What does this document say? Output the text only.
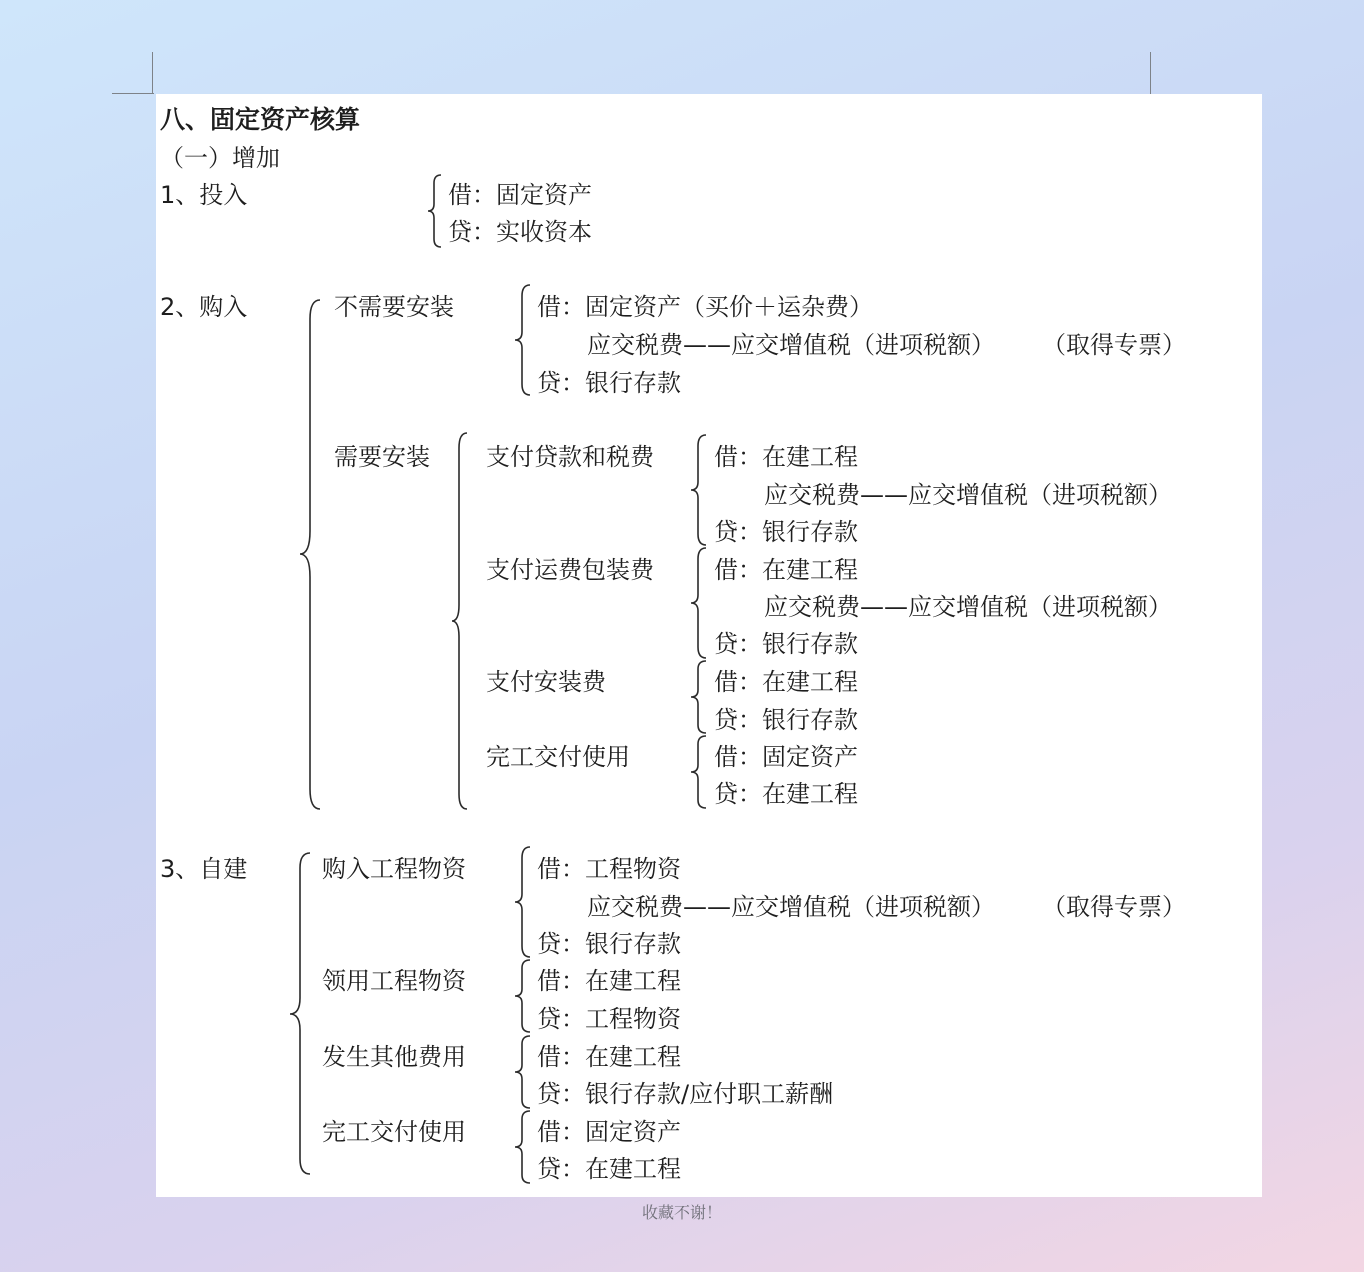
八、固定资产核算
（一）增加
1、投入	借：固定资产
贷：实收资本
2、购入	不需要安装	借：固定资产（买价＋运杂费）
应交税费——应交增值税（进项税额） （取得专票）
贷：银行存款
需要安装 支付贷款和税费	借：在建工程
应交税费——应交增值税（进项税额）
贷：银行存款
支付运费包装费	借：在建工程
应交税费——应交增值税（进项税额）
贷：银行存款
支付安装费	借：在建工程
贷：银行存款
完工交付使用	借：固定资产
贷：在建工程
3、自建	购入工程物资	借：工程物资
应交税费——应交增值税（进项税额） （取得专票）
贷：银行存款
领用工程物资	借：在建工程
贷：工程物资
发生其他费用	借：在建工程
贷：银行存款/应付职工薪酬
完工交付使用	借：固定资产
贷：在建工程
收藏不谢！
